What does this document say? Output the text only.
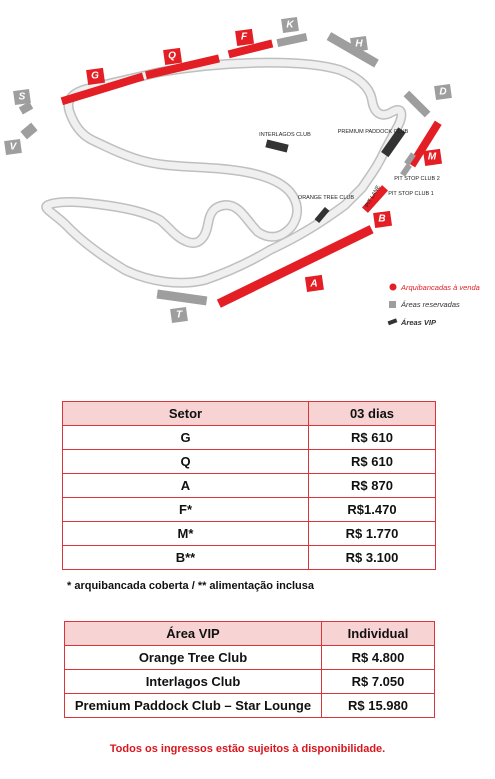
S
V
K
H
D
T
G
Q
F
A
B
M
INTERLAGOS CLUB	PREMIUM PADDOCK CLUB
ORANGE TREE CLUB
PIT STOP CLUB 1
PIT STOP CLUB 2
PIT LANE
Arquibancadas à venda
Áreas reservadas
Áreas VIP
Setor	03 dias
G	R$ 610
Q	R$ 610
A	R$ 870
F*	R$1.470
M*	R$ 1.770
B**	R$ 3.100
* arquibancada coberta / ** alimentação inclusa
Área VIP	Individual
Orange Tree Club	R$ 4.800
Interlagos Club	R$ 7.050
Premium Paddock Club – Star Lounge	R$ 15.980
Todos os ingressos estão sujeitos à disponibilidade.
